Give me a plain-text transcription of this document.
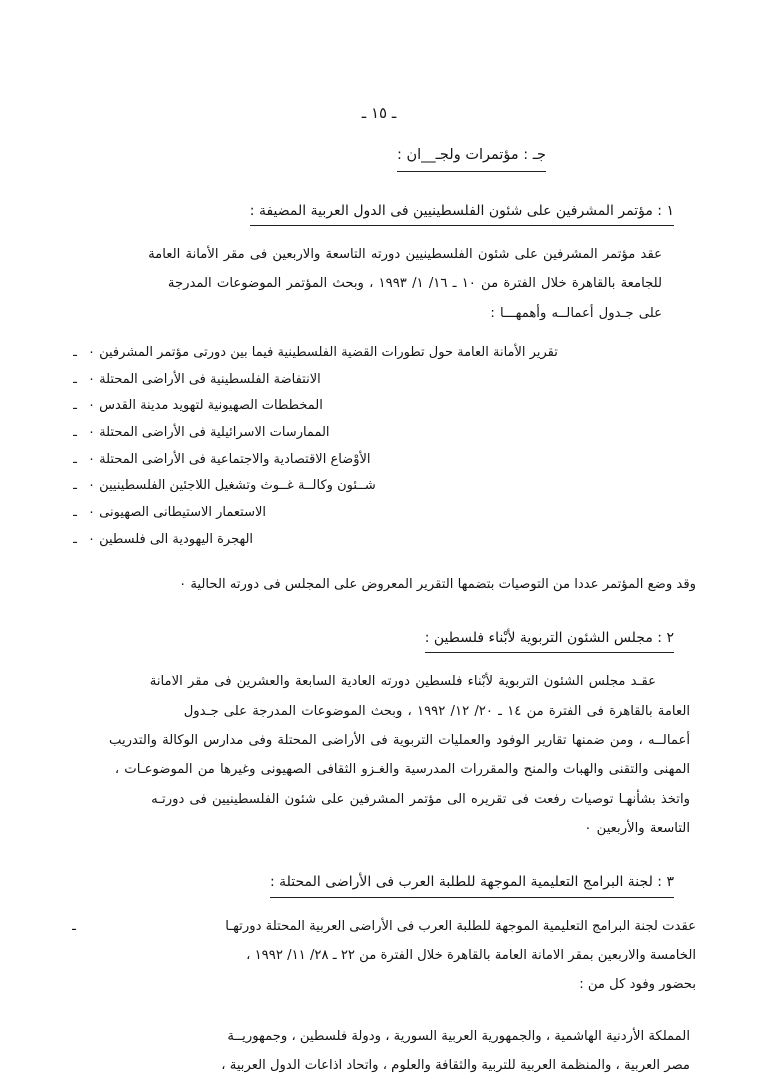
ـ ١٥ ـ
جـ : مؤتمرات ولجـ__ان :
١ : مؤتمر المشرفين على شئون الفلسطينيين فى الدول العربية المضيفة :
عقد مؤتمر المشرفين على شئون الفلسطينيين دورته التاسعة والاربعين فى مقر الأمانة العامة
للجامعة بالقاهرة خلال الفترة من ١٠ ـ ١٦/ ١/ ١٩٩٣ ، وبحث المؤتمر الموضوعات المدرجة
على جـدول أعمالــه وأهمهـــا :
ـ تقرير الأمانة العامة حول تطورات القضية الفلسطينية فيما بين دورتى مؤتمر المشرفين ٠
ـ الانتفاضة الفلسطينية فى الأراضى المحتلة ٠
ـ المخططات الصهيونية لتهويد مدينة القدس ٠
ـ الممارسات الاسرائيلية فى الأراضى المحتلة ٠
ـ الأوْضاع الاقتصادية والاجتماعية فى الأراضى المحتلة ٠
ـ شــئون وكالــة غــوث وتشغيل اللاجئين الفلسطينيين ٠
ـ الاستعمار الاستيطانى الصهيونى ٠
ـ الهجرة اليهودية الى فلسطين ٠
وقد وضع المؤتمر عددا من التوصيات بتضمها التقرير المعروض على المجلس فى دورته الحالية ٠
٢ : مجلس الشئون التربوية لأبْناء فلسطين :
عقـد مجلس الشئون التربوية لأبْناء فلسطين دورته العادية السابعة والعشرين فى مقر الامانة
العامة بالقاهرة فى الفترة من ١٤ ـ ٢٠/ ١٢/ ١٩٩٢ ، وبحث الموضوعات المدرجة على جـدول
أعمالــه ، ومن ضمنها تقارير الوفود والعمليات التربوية فى الأراضى المحتلة وفى مدارس الوكالة والتدريب
المهنى والتقنى والهبات والمنح والمقررات المدرسية والغـزو الثقافى الصهيونى وغيرها من الموضوعـات ،
واتخذ بشأنهـا توصيات رفعت فى تقريره الى مؤتمر المشرفين على شئون الفلسطينيين فى دورتـه
التاسعة والأربعين ٠
٣ : لجنة البرامج التعليمية الموجهة للطلبة العرب فى الأراضى المحتلة :
ـ	عقدت لجنة البرامج التعليمية الموجهة للطلبة العرب فى الأراضى العربية المحتلة دورتهـا
الخامسة والاربعين بمقر الامانة العامة بالقاهرة خلال الفترة من ٢٢ ـ ٢٨/ ١١/ ١٩٩٢ ،
بحضور وفود كل من :
المملكة الأردنية الهاشمية ، والجمهورية العربية السورية ، ودولة فلسطين ، وجمهوريــة
مصر العربية ، والمنظمة العربية للتربية والثقافة والعلوم ، واتحاد اذاعات الدول العربية ،
